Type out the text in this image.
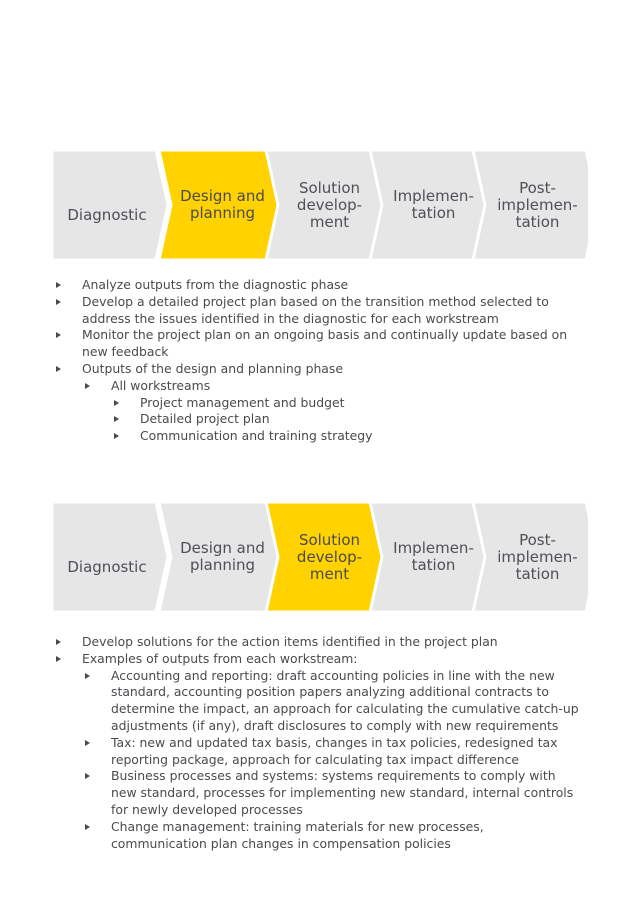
Diagnostic
Design and
planning
Solution
develop-
ment
Implemen-
tation
Post-
implemen-
tation
Analyze outputs from the diagnostic phase
Develop a detailed project plan based on the transition method selected to address the issues identified in the diagnostic for each workstream
Monitor the project plan on an ongoing basis and continually update based on new feedback
Outputs of the design and planning phase
All workstreams
Project management and budget
Detailed project plan
Communication and training strategy
Diagnostic
Design and
planning
Solution
develop-
ment
Implemen-
tation
Post-
implemen-
tation
Develop solutions for the action items identified in the project plan
Examples of outputs from each workstream:
Accounting and reporting: draft accounting policies in line with the new standard, accounting position papers analyzing additional contracts to determine the impact, an approach for calculating the cumulative catch-up adjustments (if any), draft disclosures to comply with new requirements
Tax: new and updated tax basis, changes in tax policies, redesigned tax reporting package, approach for calculating tax impact difference
Business processes and systems: systems requirements to comply with new standard, processes for implementing new standard, internal controls for newly developed processes
Change management: training materials for new processes, communication plan changes in compensation policies
